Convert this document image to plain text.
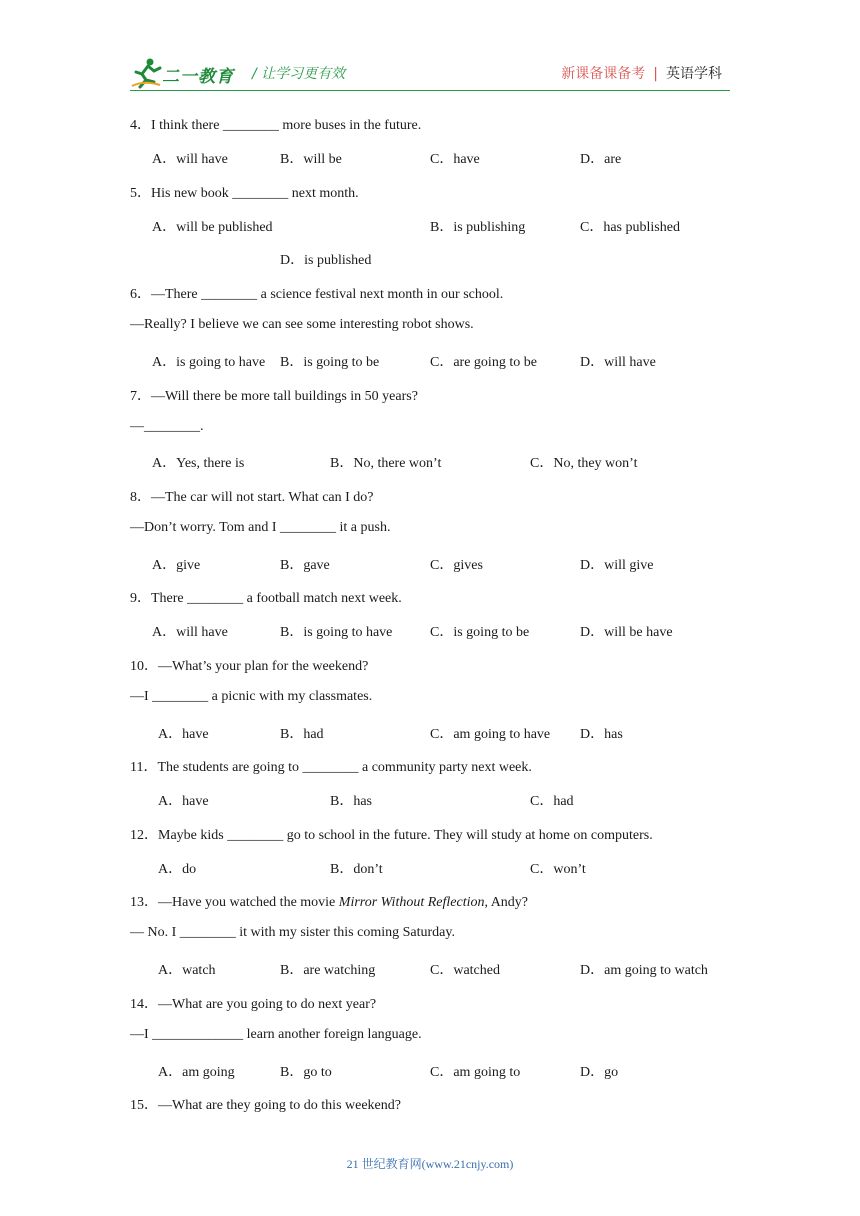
二一教育 / 让学习更有效	新课备课备考 | 英语学科
4．I think there ________ more buses in the future.
A．will have	B．will be	C．have	D．are
5．His new book ________ next month.
A．will be published	B．is publishing	C．has published
D．is published
6．—There ________ a science festival next month in our school.
—Really? I believe we can see some interesting robot shows.
A．is going to have B．is going to be	C．are going to be	D．will have
7．—Will there be more tall buildings in 50 years?
—________.
A．Yes, there is	B．No, there won’t	C．No, they won’t
8．—The car will not start. What can I do?
—Don’t worry. Tom and I ________ it a push.
A．give	B．gave	C．gives	D．will give
9．There ________ a football match next week.
A．will have	B．is going to have	C．is going to be	D．will be have
10．—What’s your plan for the weekend?
—I ________ a picnic with my classmates.
A．have	B．had	C．am going to have D．has
11．The students are going to ________ a community party next week.
A．have	B．has	C．had
12．Maybe kids ________ go to school in the future. They will study at home on computers.
A．do	B．don’t	C．won’t
13．—Have you watched the movie Mirror Without Reflection, Andy?
— No. I ________ it with my sister this coming Saturday.
A．watch	B．are watching	C．watched	D．am going to watch
14．—What are you going to do next year?
—I _____________ learn another foreign language.
A．am going	B．go to	C．am going to	D．go
15．—What are they going to do this weekend?
21 世纪教育网(www.21cnjy.com)
